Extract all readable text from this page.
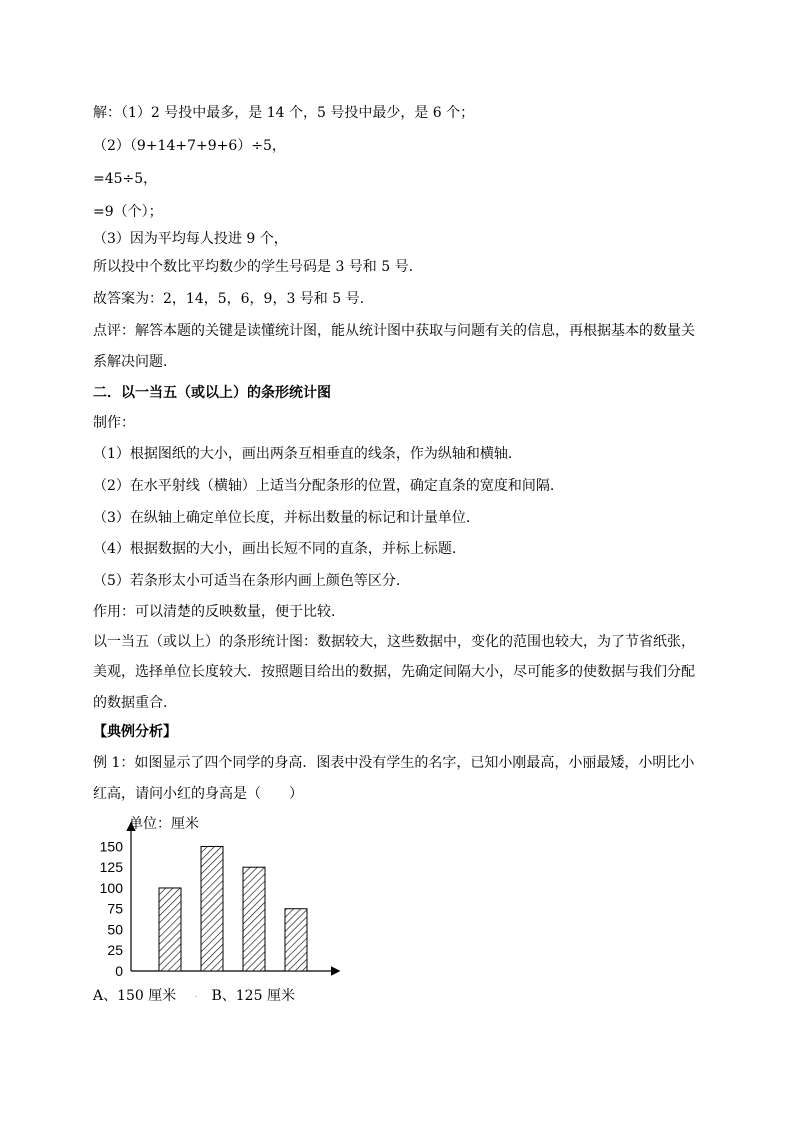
解：（1）2 号投中最多，是 14 个，5 号投中最少，是 6 个；
（2）（9+14+7+9+6）÷5，
=45÷5，
=9（个）；
（3）因为平均每人投进 9 个，
所以投中个数比平均数少的学生号码是 3 号和 5 号.
故答案为：2，14，5，6，9，3 号和 5 号.
点评：解答本题的关键是读懂统计图，能从统计图中获取与问题有关的信息，再根据基本的数量关
系解决问题.
二．以一当五（或以上）的条形统计图
制作：
（1）根据图纸的大小，画出两条互相垂直的线条，作为纵轴和横轴.
（2）在水平射线（横轴）上适当分配条形的位置，确定直条的宽度和间隔.
（3）在纵轴上确定单位长度，并标出数量的标记和计量单位.
（4）根据数据的大小，画出长短不同的直条，并标上标题.
（5）若条形太小可适当在条形内画上颜色等区分.
作用：可以清楚的反映数量，便于比较.
以一当五（或以上）的条形统计图：数据较大，这些数据中，变化的范围也较大，为了节省纸张，
美观，选择单位长度较大．按照题目给出的数据，先确定间隔大小，尽可能多的使数据与我们分配
的数据重合.
【典例分析】
例 1：如图显示了四个同学的身高．图表中没有学生的名字，已知小刚最高，小丽最矮，小明比小
红高，请问小红的身高是（　　）
单位：厘米
0
25
50
75
100
125
150
A、150 厘米 · B、125 厘米
